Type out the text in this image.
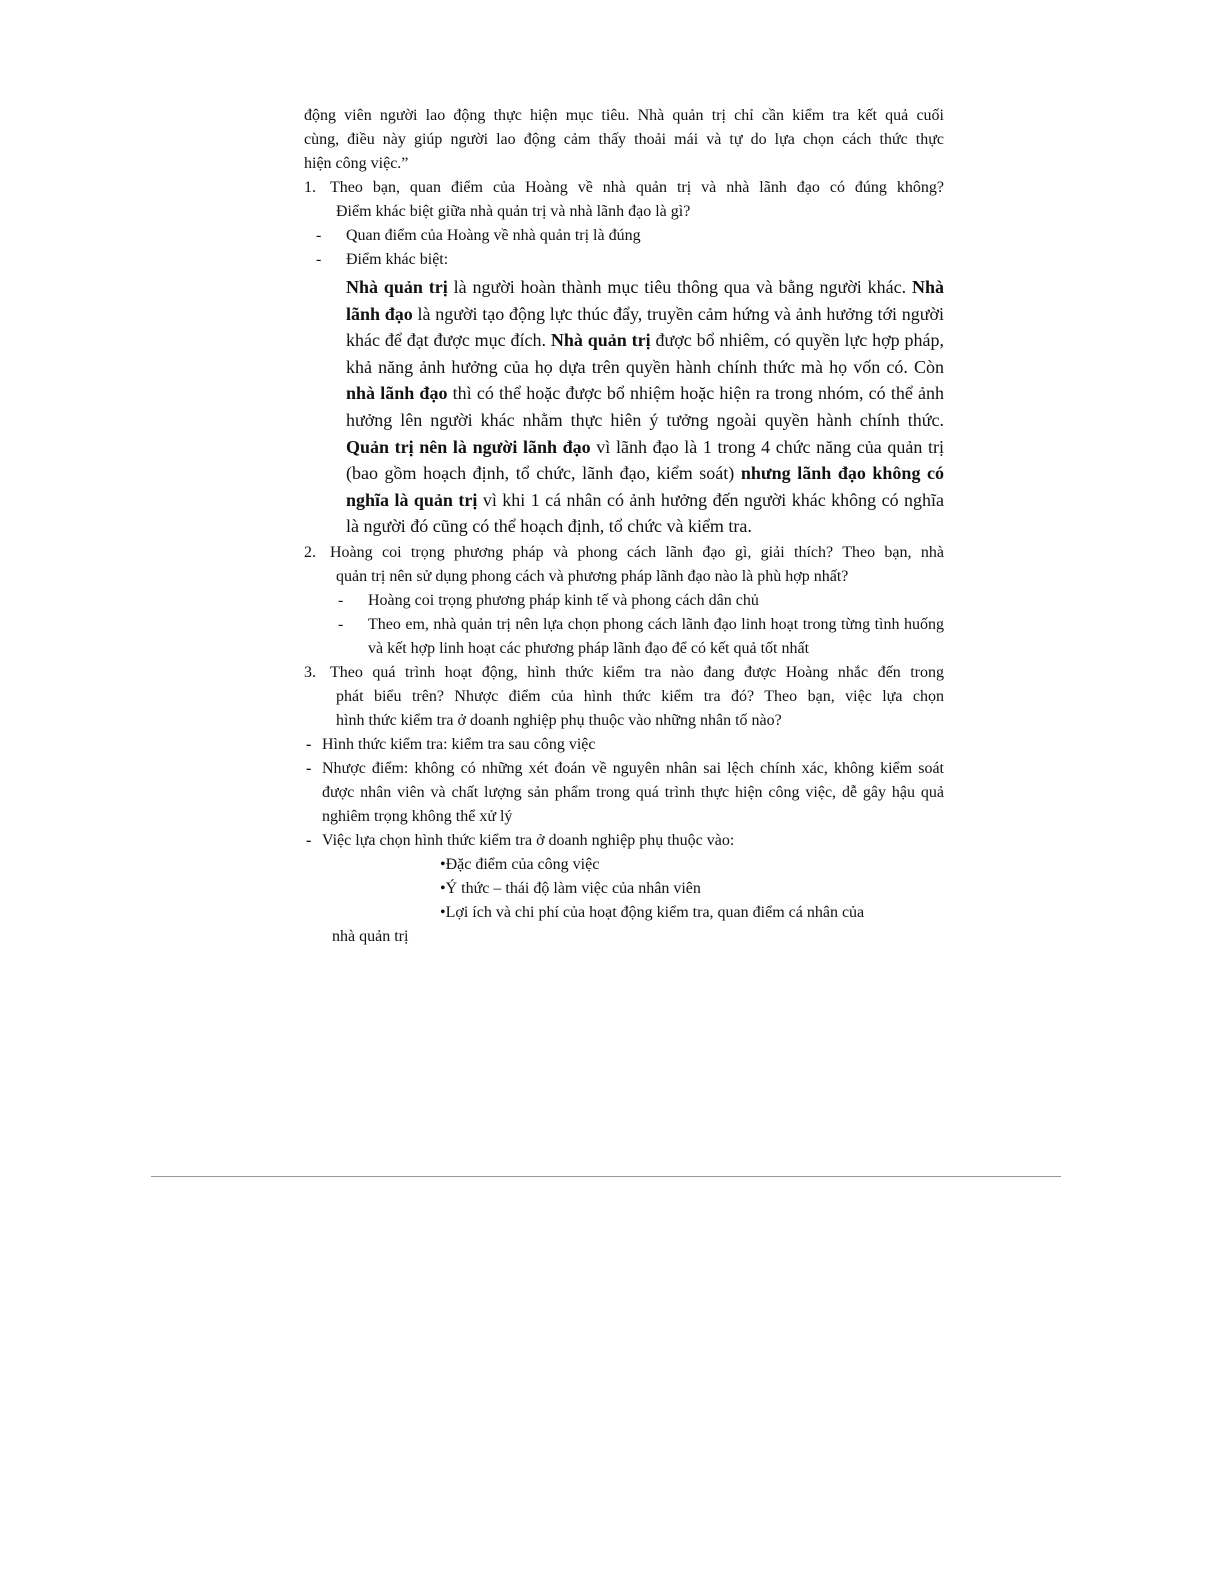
động viên người lao động thực hiện mục tiêu. Nhà quản trị chỉ cần kiểm tra kết quả cuối

cùng, điều này giúp người lao động cảm thấy thoải mái và tự do lựa chọn cách thức thực

hiện công việc.”

1. Theo bạn, quan điểm của Hoàng về nhà quản trị và nhà lãnh đạo có đúng không?
Điểm khác biệt giữa nhà quản trị và nhà lãnh đạo là gì?
- Quan điểm của Hoàng về nhà quản trị là đúng
- Điểm khác biệt:
Nhà quản trị là người hoàn thành mục tiêu thông qua và bằng người khác. Nhà lãnh đạo là người tạo động lực thúc đẩy, truyền cảm hứng và ảnh hưởng tới người khác để đạt được mục đích. Nhà quản trị được bổ nhiêm, có quyền lực hợp pháp, khả năng ảnh hưởng của họ dựa trên quyền hành chính thức mà họ vốn có. Còn nhà lãnh đạo thì có thể hoặc được bổ nhiệm hoặc hiện ra trong nhóm, có thể ảnh hưởng lên người khác nhằm thực hiên ý tưởng ngoài quyền hành chính thức. Quản trị nên là người lãnh đạo vì lãnh đạo là 1 trong 4 chức năng của quản trị (bao gồm hoạch định, tổ chức, lãnh đạo, kiểm soát) nhưng lãnh đạo không có nghĩa là quản trị vì khi 1 cá nhân có ảnh hưởng đến người khác không có nghĩa là người đó cũng có thể hoạch định, tổ chức và kiểm tra.
2. Hoàng coi trọng phương pháp và phong cách lãnh đạo gì, giải thích? Theo bạn, nhà
quản trị nên sử dụng phong cách và phương pháp lãnh đạo nào là phù hợp nhất?
- Hoàng coi trọng phương pháp kinh tế và phong cách dân chủ
- Theo em, nhà quản trị nên lựa chọn phong cách lãnh đạo linh hoạt trong từng tình huống và kết hợp linh hoạt các phương pháp lãnh đạo để có kết quả tốt nhất
3. Theo quá trình hoạt động, hình thức kiểm tra nào đang được Hoàng nhắc đến trong
phát biểu trên? Nhược điểm của hình thức kiểm tra đó? Theo bạn, việc lựa chọn
hình thức kiểm tra ở doanh nghiệp phụ thuộc vào những nhân tố nào?
- Hình thức kiểm tra: kiểm tra sau công việc
- Nhược điểm: không có những xét đoán về nguyên nhân sai lệch chính xác, không kiểm soát được nhân viên và chất lượng sản phẩm trong quá trình thực hiện công việc, dễ gây hậu quả nghiêm trọng không thể xử lý
- Việc lựa chọn hình thức kiểm tra ở doanh nghiệp phụ thuộc vào:
•Đặc điểm của công việc
•Ý thức – thái độ làm việc của nhân viên
•Lợi ích và chi phí của hoạt động kiểm tra, quan điểm cá nhân của
nhà quản trị
